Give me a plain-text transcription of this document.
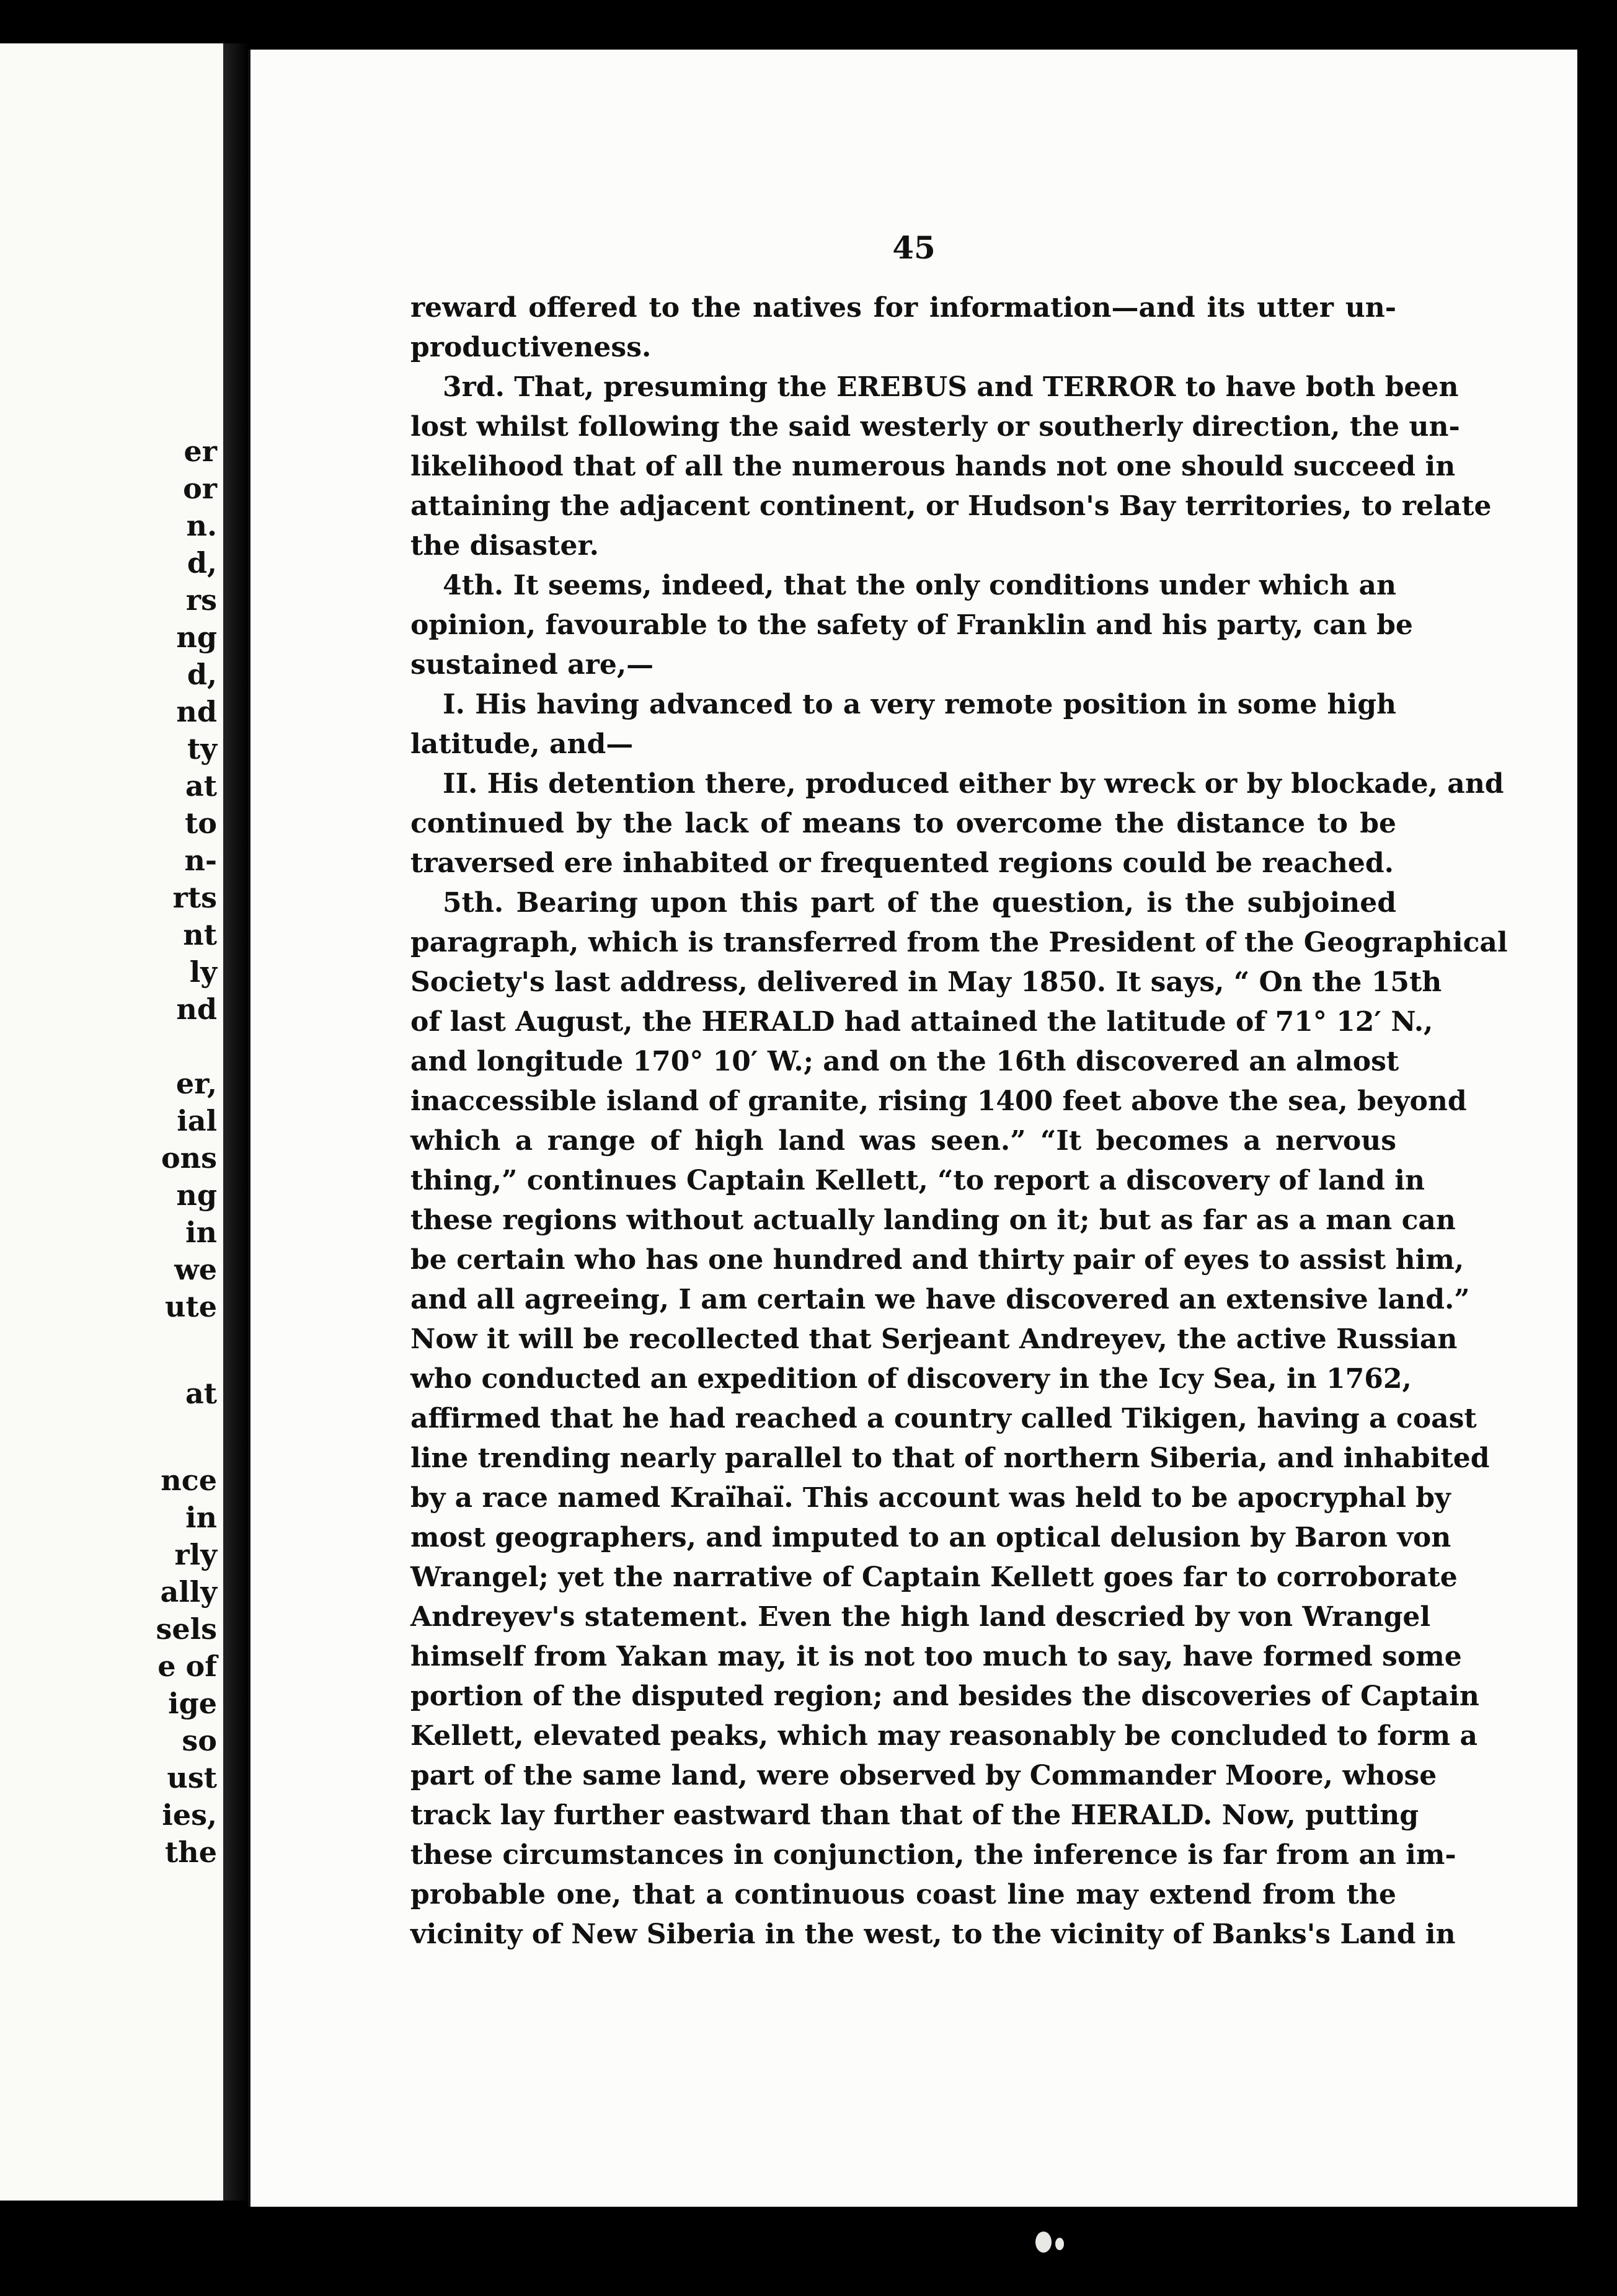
er
or
n.
d,
rs
ng
d,
nd
ty
at
to
n-
rts
nt
ly
nd
er,
ial
ons
ng
in
we
ute
at
nce
in
rly
ally
sels
e of
ige
so
ust
ies,
the
45
reward offered to the natives for information—and its utter un-
productiveness.
3rd. That, presuming the EREBUS and TERROR to have both been
lost whilst following the said westerly or southerly direction, the un-
likelihood that of all the numerous hands not one should succeed in
attaining the adjacent continent, or Hudson's Bay territories, to relate
the disaster.
4th. It seems, indeed, that the only conditions under which an
opinion, favourable to the safety of Franklin and his party, can be
sustained are,—
I. His having advanced to a very remote position in some high
latitude, and—
II. His detention there, produced either by wreck or by blockade, and
continued by the lack of means to overcome the distance to be
traversed ere inhabited or frequented regions could be reached.
5th. Bearing upon this part of the question, is the subjoined
paragraph, which is transferred from the President of the Geographical
Society's last address, delivered in May 1850. It says, “ On the 15th
of last August, the HERALD had attained the latitude of 71° 12′ N.,
and longitude 170° 10′ W.; and on the 16th discovered an almost
inaccessible island of granite, rising 1400 feet above the sea, beyond
which a range of high land was seen.” “It becomes a nervous
thing,” continues Captain Kellett, “to report a discovery of land in
these regions without actually landing on it; but as far as a man can
be certain who has one hundred and thirty pair of eyes to assist him,
and all agreeing, I am certain we have discovered an extensive land.”
Now it will be recollected that Serjeant Andreyev, the active Russian
who conducted an expedition of discovery in the Icy Sea, in 1762,
affirmed that he had reached a country called Tikigen, having a coast
line trending nearly parallel to that of northern Siberia, and inhabited
by a race named Kraïhaï. This account was held to be apocryphal by
most geographers, and imputed to an optical delusion by Baron von
Wrangel; yet the narrative of Captain Kellett goes far to corroborate
Andreyev's statement. Even the high land descried by von Wrangel
himself from Yakan may, it is not too much to say, have formed some
portion of the disputed region; and besides the discoveries of Captain
Kellett, elevated peaks, which may reasonably be concluded to form a
part of the same land, were observed by Commander Moore, whose
track lay further eastward than that of the HERALD. Now, putting
these circumstances in conjunction, the inference is far from an im-
probable one, that a continuous coast line may extend from the
vicinity of New Siberia in the west, to the vicinity of Banks's Land in
